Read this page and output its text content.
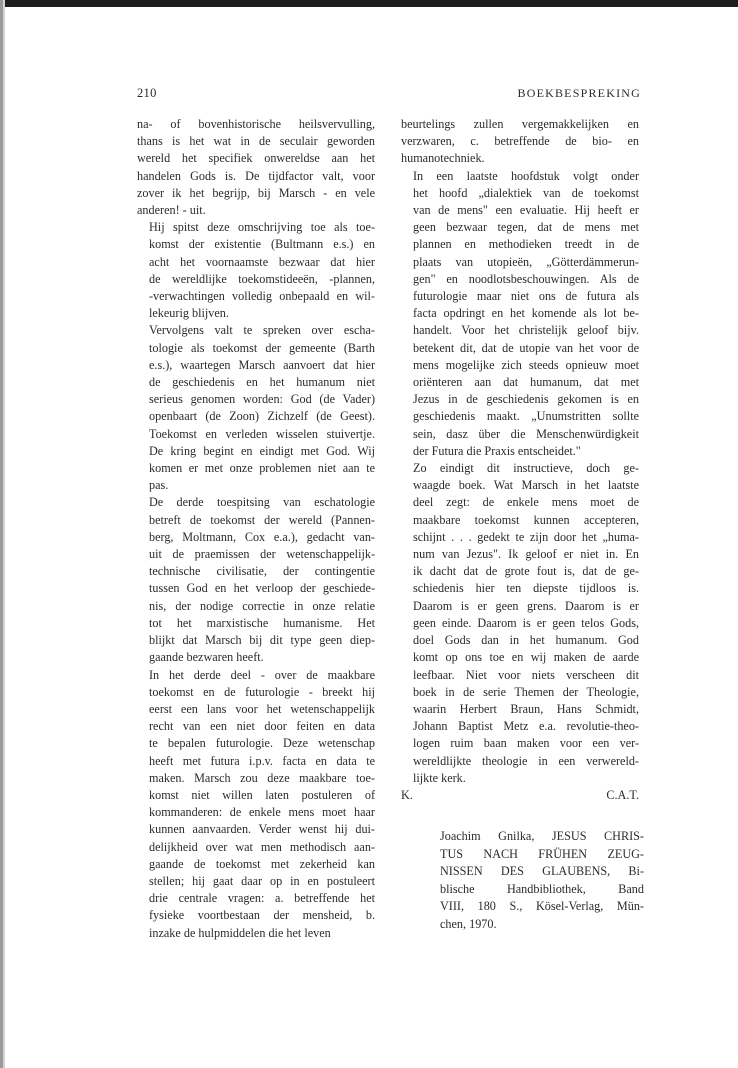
210	BOEKBESPREKING

na- of bovenhistorische heilsvervulling,
thans is het wat in de seculair geworden
wereld het specifiek onwereldse aan het
handelen Gods is. De tijdfactor valt, voor
zover ik het begrijp, bij Marsch - en vele
anderen! - uit.

Hij spitst deze omschrijving toe als toe-
komst der existentie (Bultmann e.s.) en
acht het voornaamste bezwaar dat hier
de wereldlijke toekomstideeën, -plannen,
-verwachtingen volledig onbepaald en wil-
lekeurig blijven.

Vervolgens valt te spreken over escha-
tologie als toekomst der gemeente (Barth
e.s.), waartegen Marsch aanvoert dat hier
de geschiedenis en het humanum niet
serieus genomen worden: God (de Vader)
openbaart (de Zoon) Zichzelf (de Geest).
Toekomst en verleden wisselen stuivertje.
De kring begint en eindigt met God. Wij
komen er met onze problemen niet aan te
pas.

De derde toespitsing van eschatologie
betreft de toekomst der wereld (Pannen-
berg, Moltmann, Cox e.a.), gedacht van-
uit de praemissen der wetenschappelijk-
technische civilisatie, der contingentie
tussen God en het verloop der geschiede-
nis, der nodige correctie in onze relatie
tot het marxistische humanisme. Het
blijkt dat Marsch bij dit type geen diep-
gaande bezwaren heeft.

In het derde deel - over de maakbare
toekomst en de futurologie - breekt hij
eerst een lans voor het wetenschappelijk
recht van een niet door feiten en data
te bepalen futurologie. Deze wetenschap
heeft met futura i.p.v. facta en data te
maken. Marsch zou deze maakbare toe-
komst niet willen laten postuleren of
kommanderen: de enkele mens moet haar
kunnen aanvaarden. Verder wenst hij dui-
delijkheid over wat men methodisch aan-
gaande de toekomst met zekerheid kan
stellen; hij gaat daar op in en postuleert
drie centrale vragen: a. betreffende het
fysieke voortbestaan der mensheid, b.
inzake de hulpmiddelen die het leven

beurtelings zullen vergemakkelijken en
verzwaren, c. betreffende de bio- en
humanotechniek.

In een laatste hoofdstuk volgt onder
het hoofd „dialektiek van de toekomst
van de mens" een evaluatie. Hij heeft er
geen bezwaar tegen, dat de mens met
plannen en methodieken treedt in de
plaats van utopieën, „Götterdämmerun-
gen" en noodlotsbeschouwingen. Als de
futurologie maar niet ons de futura als
facta opdringt en het komende als lot be-
handelt. Voor het christelijk geloof bijv.
betekent dit, dat de utopie van het voor de
mens mogelijke zich steeds opnieuw moet
oriënteren aan dat humanum, dat met
Jezus in de geschiedenis gekomen is en
geschiedenis maakt. „Unumstritten sollte
sein, dasz über die Menschenwürdigkeit
der Futura die Praxis entscheidet."

Zo eindigt dit instructieve, doch ge-
waagde boek. Wat Marsch in het laatste
deel zegt: de enkele mens moet de
maakbare toekomst kunnen accepteren,
schijnt . . . gedekt te zijn door het „huma-
num van Jezus". Ik geloof er niet in. En
ik dacht dat de grote fout is, dat de ge-
schiedenis hier ten diepste tijdloos is.
Daarom is er geen grens. Daarom is er
geen einde. Daarom is er geen telos Gods,
doel Gods dan in het humanum. God
komt op ons toe en wij maken de aarde
leefbaar. Niet voor niets verscheen dit
boek in de serie Themen der Theologie,
waarin Herbert Braun, Hans Schmidt,
Johann Baptist Metz e.a. revolutie-theo-
logen ruim baan maken voor een ver-
wereldlijkte theologie in een verwereld-
lijkte kerk.

K.	C.A.T.
Joachim Gnilka, JESUS CHRIS-
TUS NACH FRÜHEN ZEUG-
NISSEN DES GLAUBENS, Bi-
blische Handbibliothek, Band
VIII, 180 S., Kösel-Verlag, Mün-
chen, 1970.
